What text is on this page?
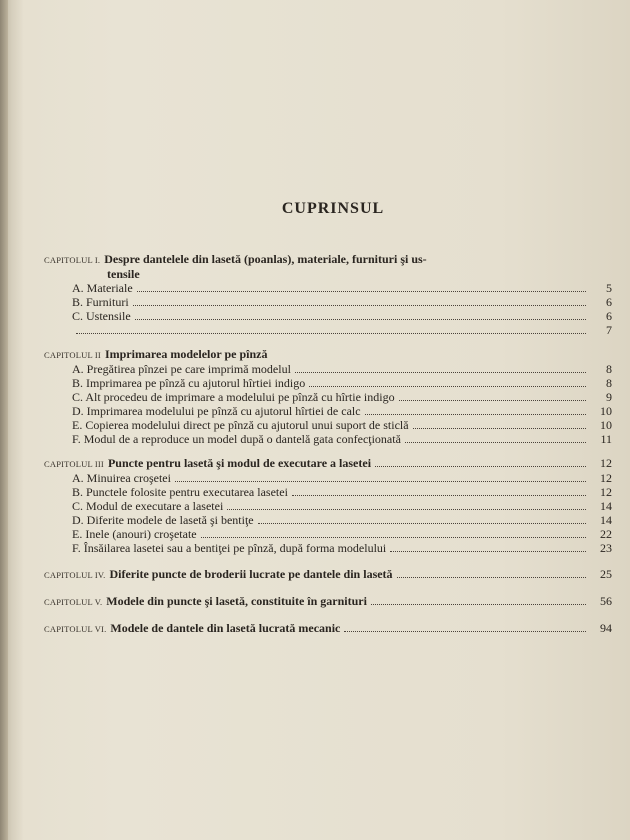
CUPRINSUL
CAPITOLUL I. Despre dantelele din lasetă (poanlas), materiale, furnituri şi us-
tensile
A. Materiale	5
B. Furnituri	6
C. Ustensile	6
7
CAPITOLUL II Imprimarea modelelor pe pînză
A. Pregătirea pînzei pe care imprimă modelul	8
B. Imprimarea pe pînză cu ajutorul hîrtiei indigo	8
C. Alt procedeu de imprimare a modelului pe pînză cu hîrtie indigo	9
D. Imprimarea modelului pe pînză cu ajutorul hîrtiei de calc	10
E. Copierea modelului direct pe pînză cu ajutorul unui suport de sticlă	10
F. Modul de a reproduce un model după o dantelă gata confecţionată	11
CAPITOLUL III Puncte pentru lasetă şi modul de executare a lasetei	12
A. Minuirea croşetei	12
B. Punctele folosite pentru executarea lasetei	12
C. Modul de executare a lasetei	14
D. Diferite modele de lasetă şi bentiţe	14
E. Inele (anouri) croşetate	22
F. Însăilarea lasetei sau a bentiţei pe pînză, după forma modelului	23
CAPITOLUL IV. Diferite puncte de broderii lucrate pe dantele din lasetă	25
CAPITOLUL V. Modele din puncte şi lasetă, constituite în garnituri	56
CAPITOLUL VI. Modele de dantele din lasetă lucrată mecanic	94
